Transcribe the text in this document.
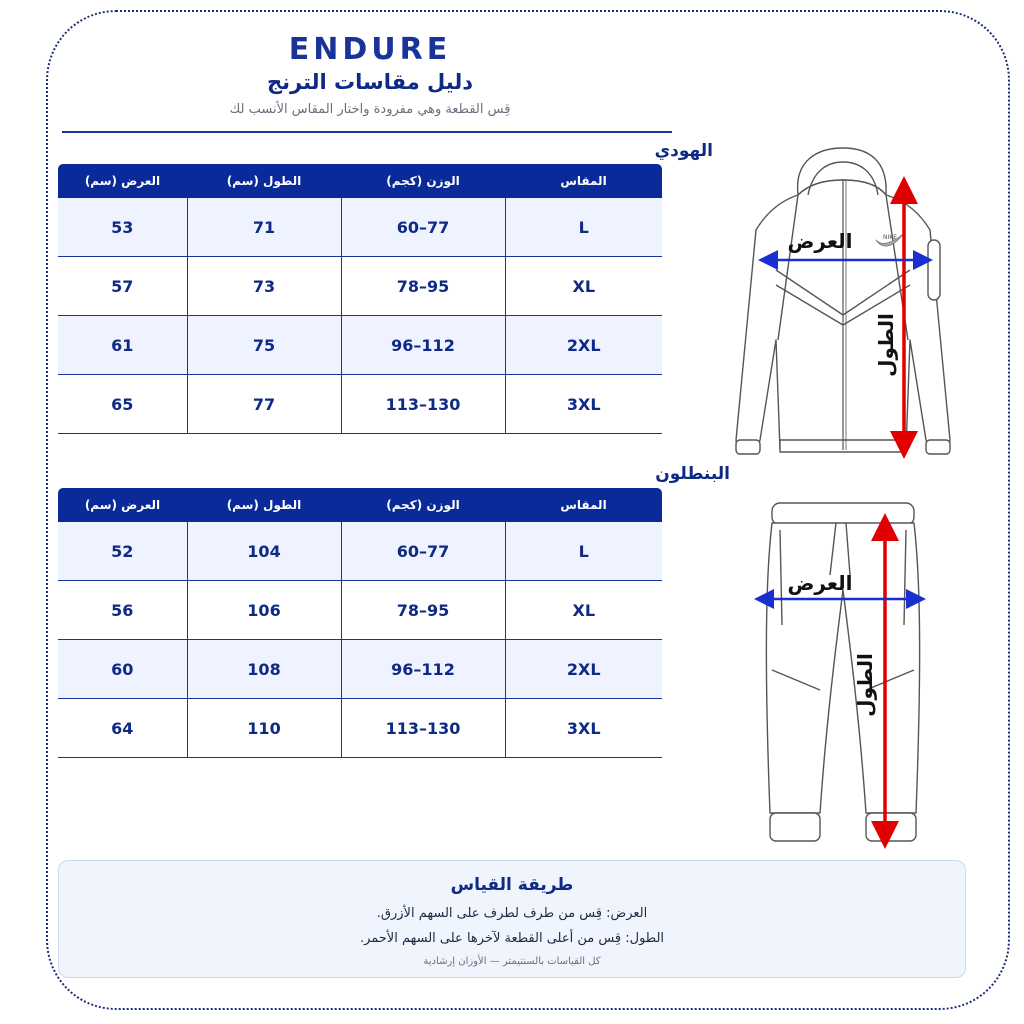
ENDURE
دليل مقاسات الترنج
قِس القطعة وهي مفرودة واختار المقاس الأنسب لك
الهودي
المقاس	الوزن (كجم)	الطول (سم)	العرض (سم)
L	60–77	71	53
XL	78–95	73	57
2XL	96–112	75	61
3XL	113–130	77	65
البنطلون
المقاس	الوزن (كجم)	الطول (سم)	العرض (سم)
L	60–77	104	52
XL	78–95	106	56
2XL	96–112	108	60
3XL	113–130	110	64
NIKE
العرض
الطول
العرض
الطول
طريقة القياس
العرض: قِس من طرف لطرف على السهم الأزرق.
الطول: قِس من أعلى القطعة لآخرها على السهم الأحمر.
كل القياسات بالسنتيمتر — الأوزان إرشادية
